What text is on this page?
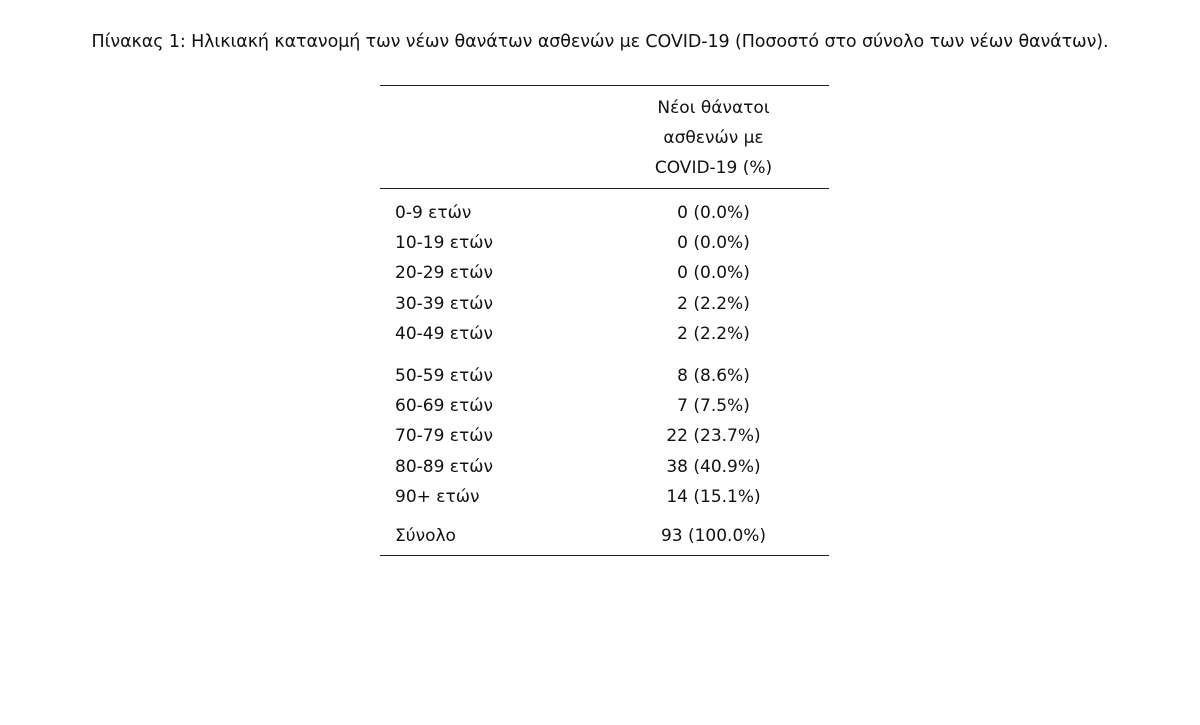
Πίνακας 1: Ηλικιακή κατανομή των νέων θανάτων ασθενών με COVID-19 (Ποσοστό στο σύνολο των νέων θανάτων).
Νέοι θάνατοι
ασθενών με
COVID-19 (%)
0-9 ετών	0 (0.0%)
10-19 ετών	0 (0.0%)
20-29 ετών	0 (0.0%)
30-39 ετών	2 (2.2%)
40-49 ετών	2 (2.2%)
50-59 ετών	8 (8.6%)
60-69 ετών	7 (7.5%)
70-79 ετών	22 (23.7%)
80-89 ετών	38 (40.9%)
90+ ετών	14 (15.1%)
Σύνολο	93 (100.0%)
